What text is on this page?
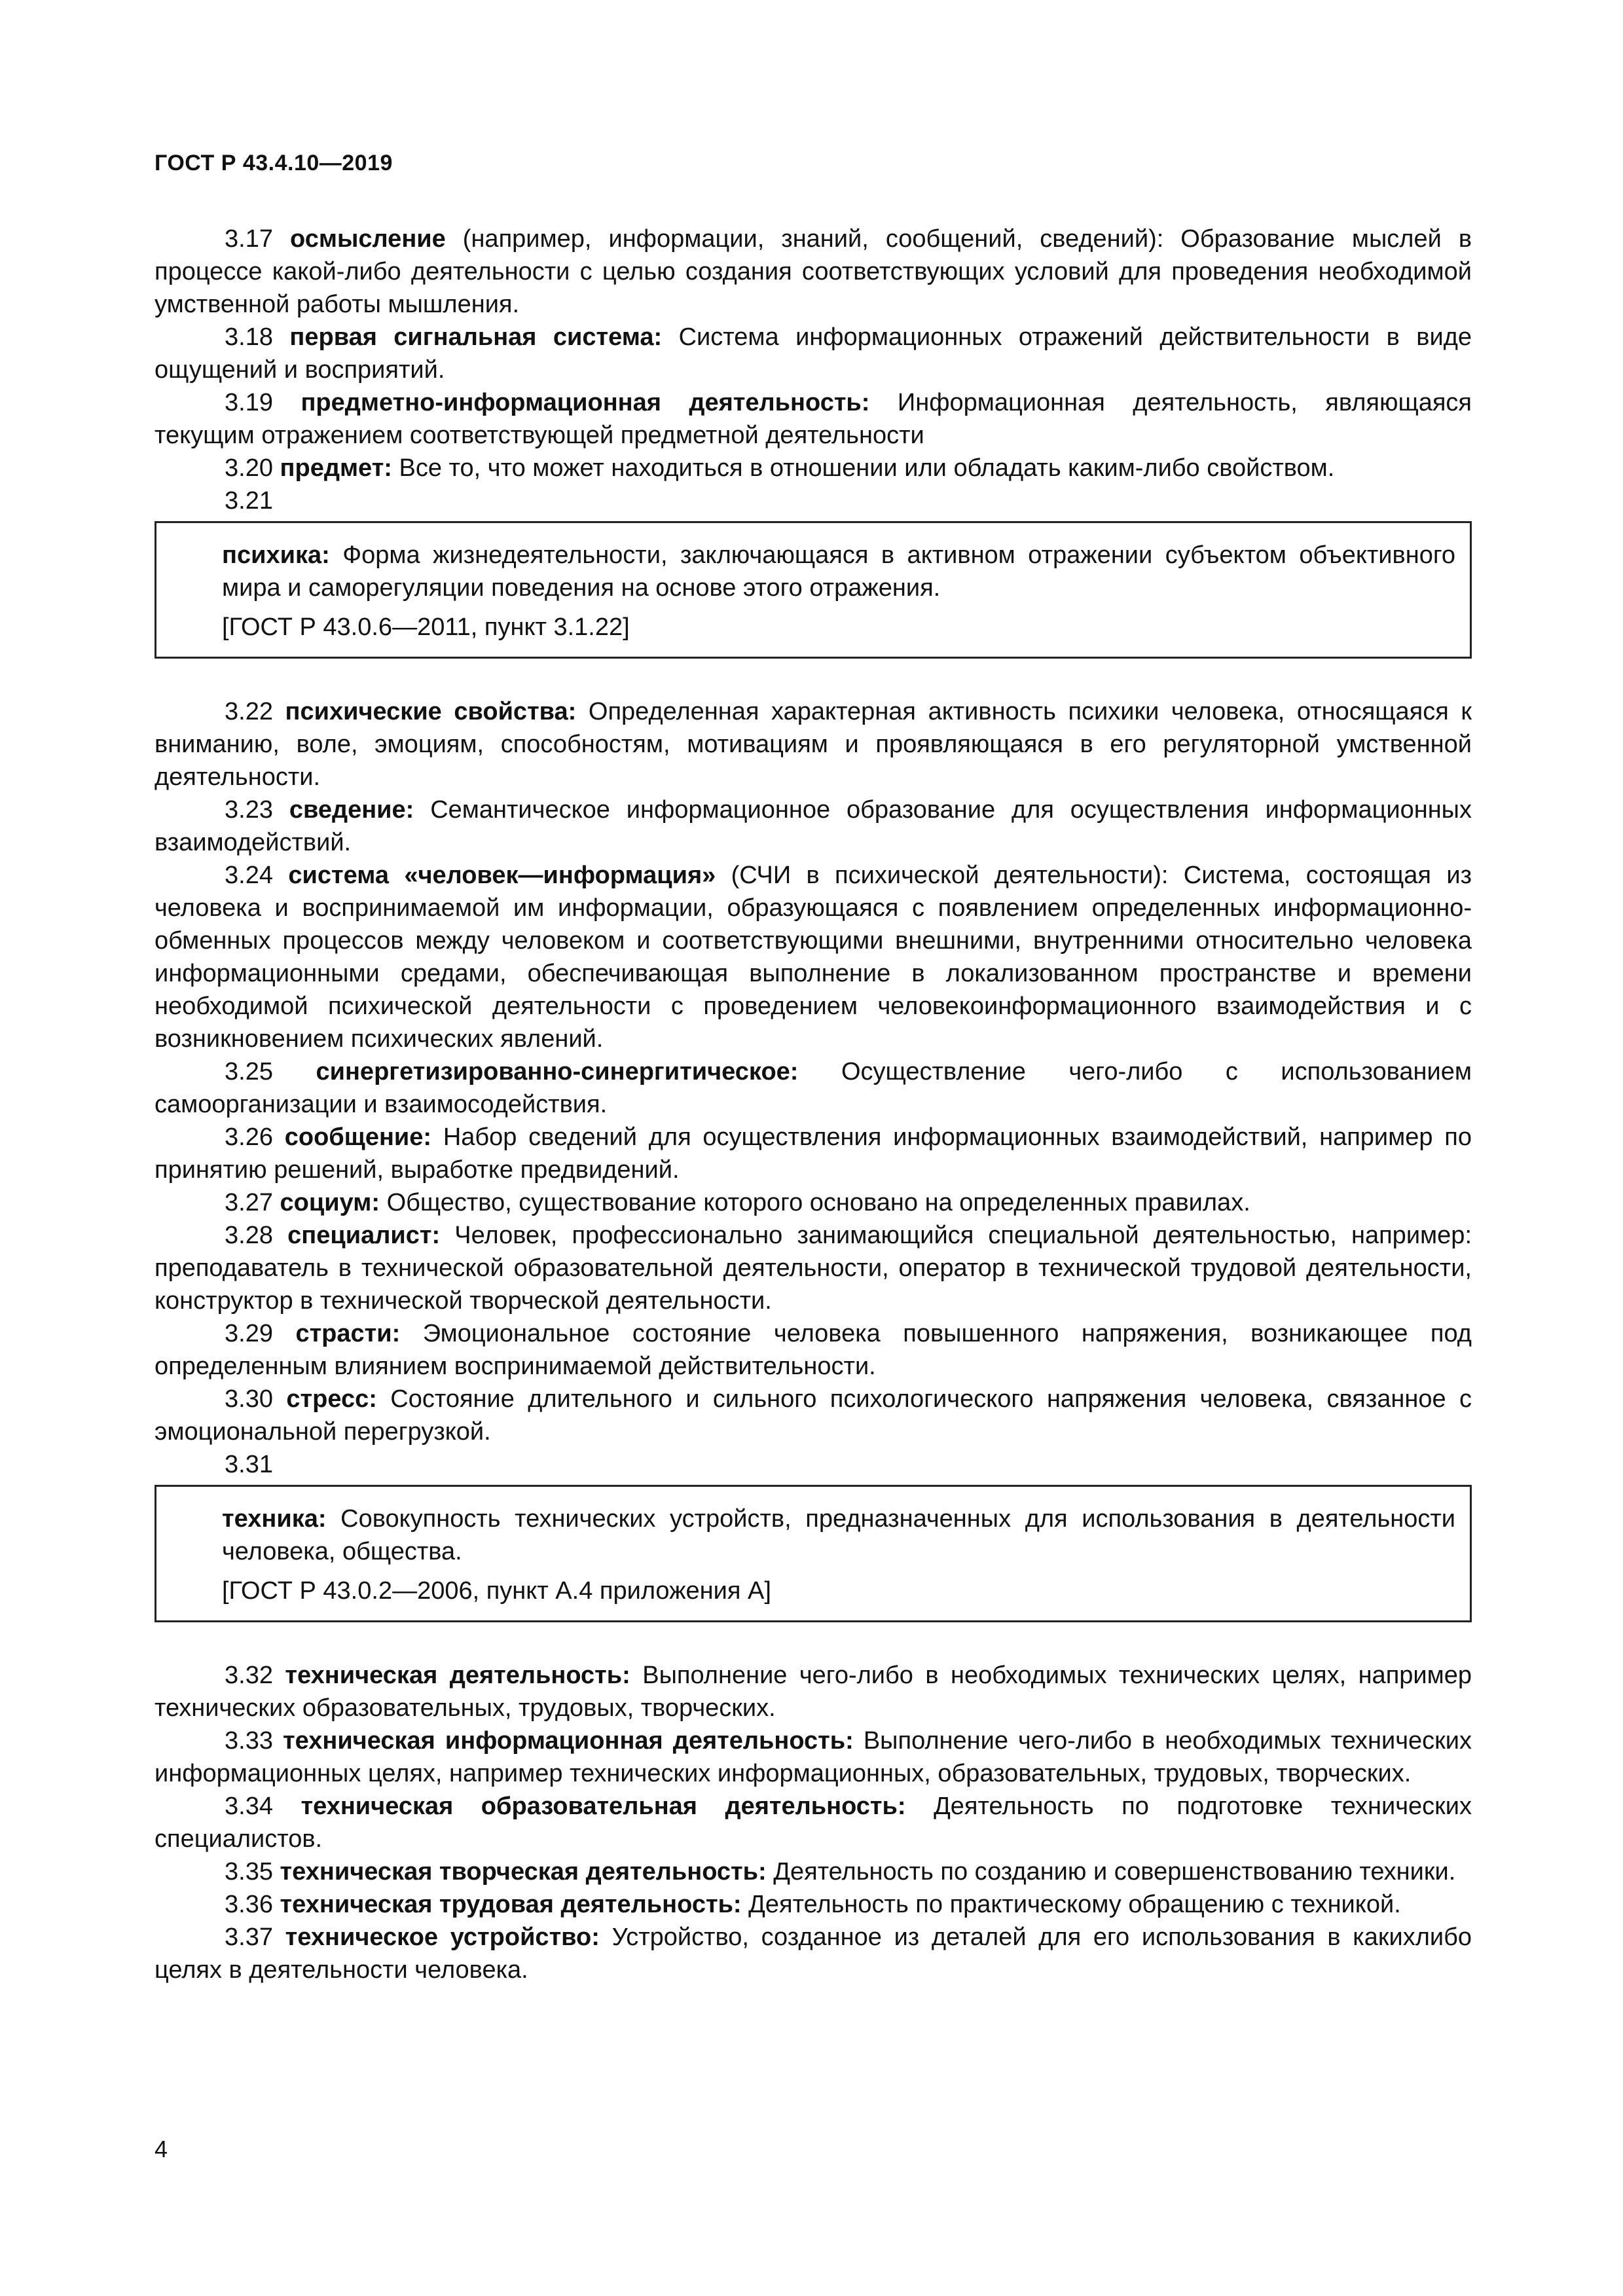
ГОСТ Р 43.4.10—2019

3.17 осмысление (например, информации, знаний, сообщений, сведений): Образование мыслей в процессе какой-либо деятельности с целью создания соответствующих условий для проведения необходимой умственной работы мышления.

3.18 первая сигнальная система: Система информационных отражений действительности в виде ощущений и восприятий.

3.19 предметно-информационная деятельность: Информационная деятельность, являющаяся текущим отражением соответствующей предметной деятельности

3.20 предмет: Все то, что может находиться в отношении или обладать каким-либо свойством.

3.21

психика: Форма жизнедеятельности, заключающаяся в активном отражении субъектом объективного мира и саморегуляции поведения на основе этого отражения.

[ГОСТ Р 43.0.6—2011, пункт 3.1.22]

3.22 психические свойства: Определенная характерная активность психики человека, относящаяся к вниманию, воле, эмоциям, способностям, мотивациям и проявляющаяся в его регуляторной умственной деятельности.

3.23 сведение: Семантическое информационное образование для осуществления информационных взаимодействий.

3.24 система «человек—информация» (СЧИ в психической деятельности): Система, состоящая из человека и воспринимаемой им информации, образующаяся с появлением определенных информационно-обменных процессов между человеком и соответствующими внешними, внутренними относительно человека информационными средами, обеспечивающая выполнение в локализованном пространстве и времени необходимой психической деятельности с проведением человекоинформационного взаимодействия и с возникновением психических явлений.

3.25 синергетизированно-синергитическое: Осуществление чего-либо с использованием самоорганизации и взаимосодействия.

3.26 сообщение: Набор сведений для осуществления информационных взаимодействий, например по принятию решений, выработке предвидений.

3.27 социум: Общество, существование которого основано на определенных правилах.

3.28 специалист: Человек, профессионально занимающийся специальной деятельностью, например: преподаватель в технической образовательной деятельности, оператор в технической трудовой деятельности, конструктор в технической творческой деятельности.

3.29 страсти: Эмоциональное состояние человека повышенного напряжения, возникающее под определенным влиянием воспринимаемой действительности.

3.30 стресс: Состояние длительного и сильного психологического напряжения человека, связанное с эмоциональной перегрузкой.

3.31

техника: Совокупность технических устройств, предназначенных для использования в деятельности человека, общества.

[ГОСТ Р 43.0.2—2006, пункт А.4 приложения А]

3.32 техническая деятельность: Выполнение чего-либо в необходимых технических целях, например технических образовательных, трудовых, творческих.

3.33 техническая информационная деятельность: Выполнение чего-либо в необходимых технических информационных целях, например технических информационных, образовательных, трудовых, творческих.

3.34 техническая образовательная деятельность: Деятельность по подготовке технических специалистов.

3.35 техническая творческая деятельность: Деятельность по созданию и совершенствованию техники.

3.36 техническая трудовая деятельность: Деятельность по практическому обращению с техникой.

3.37 техническое устройство: Устройство, созданное из деталей для его использования в какихлибо целях в деятельности человека.

4
